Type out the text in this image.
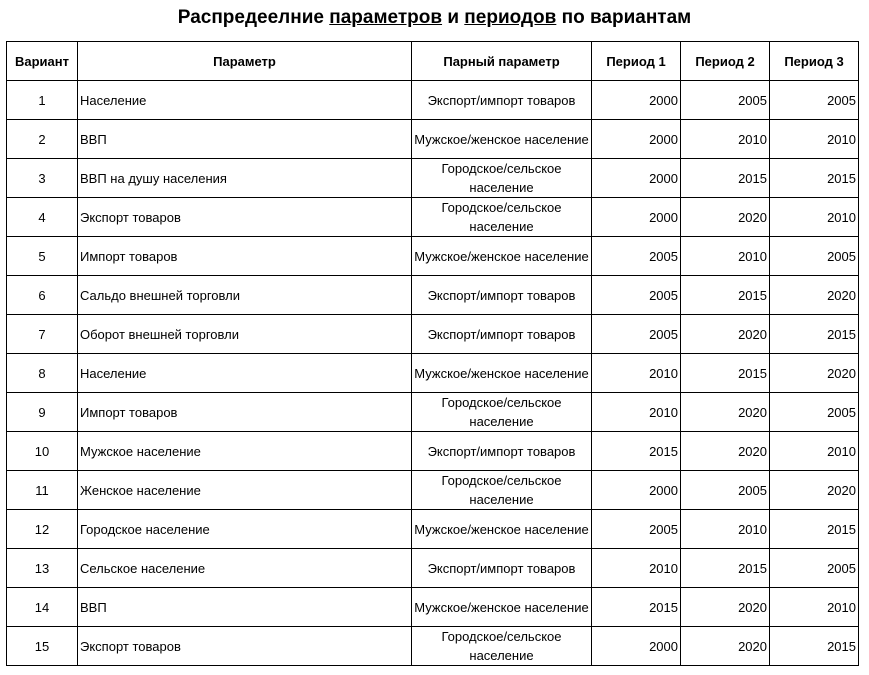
Распредеелние параметров и периодов по вариантам
Вариант	Параметр	Парный параметр	Период 1	Период 2	Период 3
1	Население	Экспорт/импорт товаров	2000	2005	2005
2	ВВП	Мужское/женское население	2000	2010	2010
3	ВВП на душу населения	Городское/сельское население	2000	2015	2015
4	Экспорт товаров	Городское/сельское население	2000	2020	2010
5	Импорт товаров	Мужское/женское население	2005	2010	2005
6	Сальдо внешней торговли	Экспорт/импорт товаров	2005	2015	2020
7	Оборот внешней торговли	Экспорт/импорт товаров	2005	2020	2015
8	Население	Мужское/женское население	2010	2015	2020
9	Импорт товаров	Городское/сельское население	2010	2020	2005
10	Мужское население	Экспорт/импорт товаров	2015	2020	2010
11	Женское население	Городское/сельское население	2000	2005	2020
12	Городское население	Мужское/женское население	2005	2010	2015
13	Сельское население	Экспорт/импорт товаров	2010	2015	2005
14	ВВП	Мужское/женское население	2015	2020	2010
15	Экспорт товаров	Городское/сельское население	2000	2020	2015
